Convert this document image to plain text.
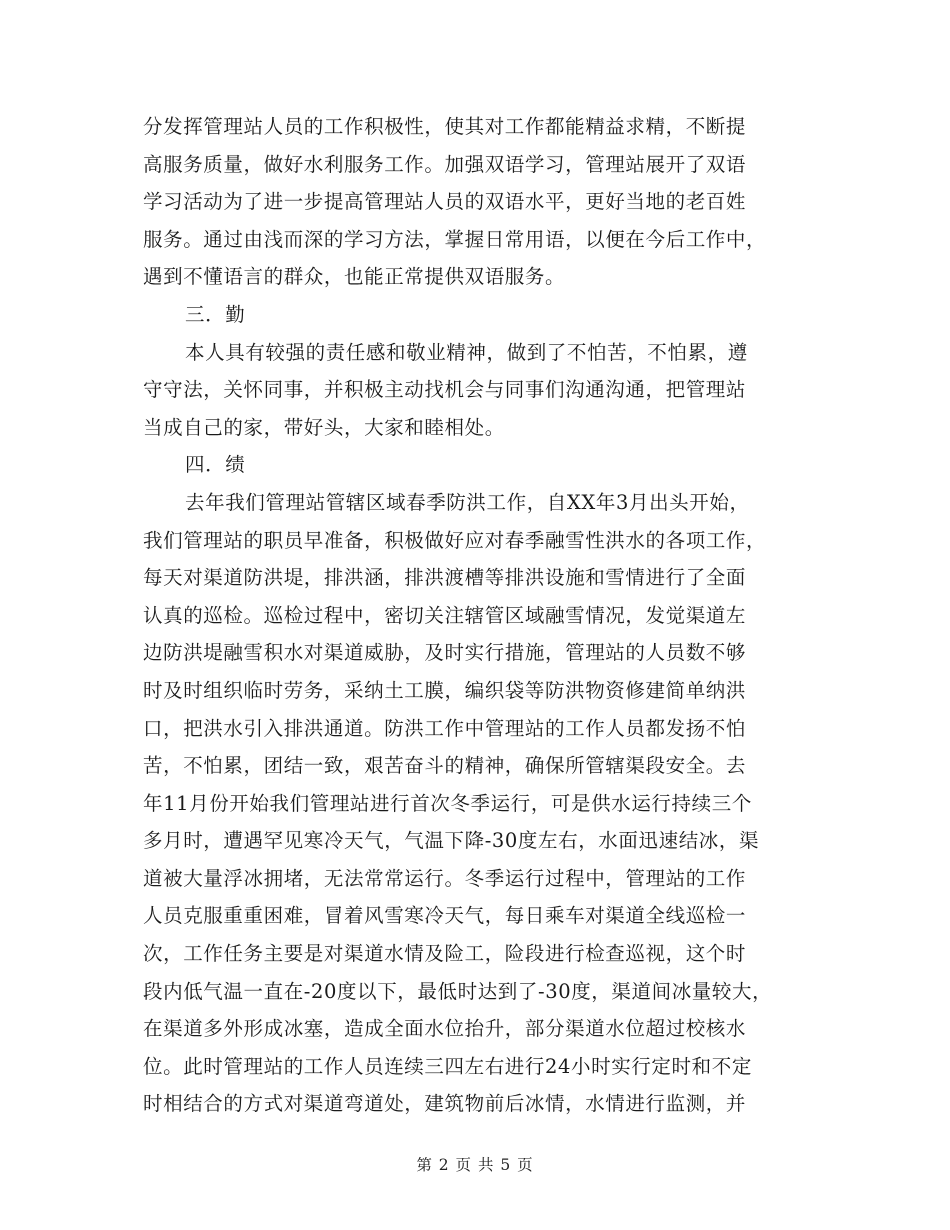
分发挥管理站人员的工作积极性，使其对工作都能精益求精，不断提
高服务质量，做好水利服务工作。加强双语学习，管理站展开了双语
学习活动为了进一步提高管理站人员的双语水平，更好当地的老百姓
服务。通过由浅而深的学习方法，掌握日常用语，以便在今后工作中，
遇到不懂语言的群众，也能正常提供双语服务。
三．勤
本人具有较强的责任感和敬业精神，做到了不怕苦，不怕累，遵
守守法，关怀同事，并积极主动找机会与同事们沟通沟通，把管理站
当成自己的家，带好头，大家和睦相处。
四．绩
去年我们管理站管辖区域春季防洪工作，自XX年3月出头开始，
我们管理站的职员早准备，积极做好应对春季融雪性洪水的各项工作，
每天对渠道防洪堤，排洪涵，排洪渡槽等排洪设施和雪情进行了全面
认真的巡检。巡检过程中，密切关注辖管区域融雪情况，发觉渠道左
边防洪堤融雪积水对渠道威胁，及时实行措施，管理站的人员数不够
时及时组织临时劳务，采纳土工膜，编织袋等防洪物资修建简单纳洪
口，把洪水引入排洪通道。防洪工作中管理站的工作人员都发扬不怕
苦，不怕累，团结一致，艰苦奋斗的精神，确保所管辖渠段安全。去
年11月份开始我们管理站进行首次冬季运行，可是供水运行持续三个
多月时，遭遇罕见寒冷天气，气温下降-30度左右，水面迅速结冰，渠
道被大量浮冰拥堵，无法常常运行。冬季运行过程中，管理站的工作
人员克服重重困难，冒着风雪寒冷天气，每日乘车对渠道全线巡检一
次，工作任务主要是对渠道水情及险工，险段进行检查巡视，这个时
段内低气温一直在-20度以下，最低时达到了-30度，渠道间冰量较大，
在渠道多外形成冰塞，造成全面水位抬升，部分渠道水位超过校核水
位。此时管理站的工作人员连续三四左右进行24小时实行定时和不定
时相结合的方式对渠道弯道处，建筑物前后冰情，水情进行监测，并
第 2 页 共 5 页
